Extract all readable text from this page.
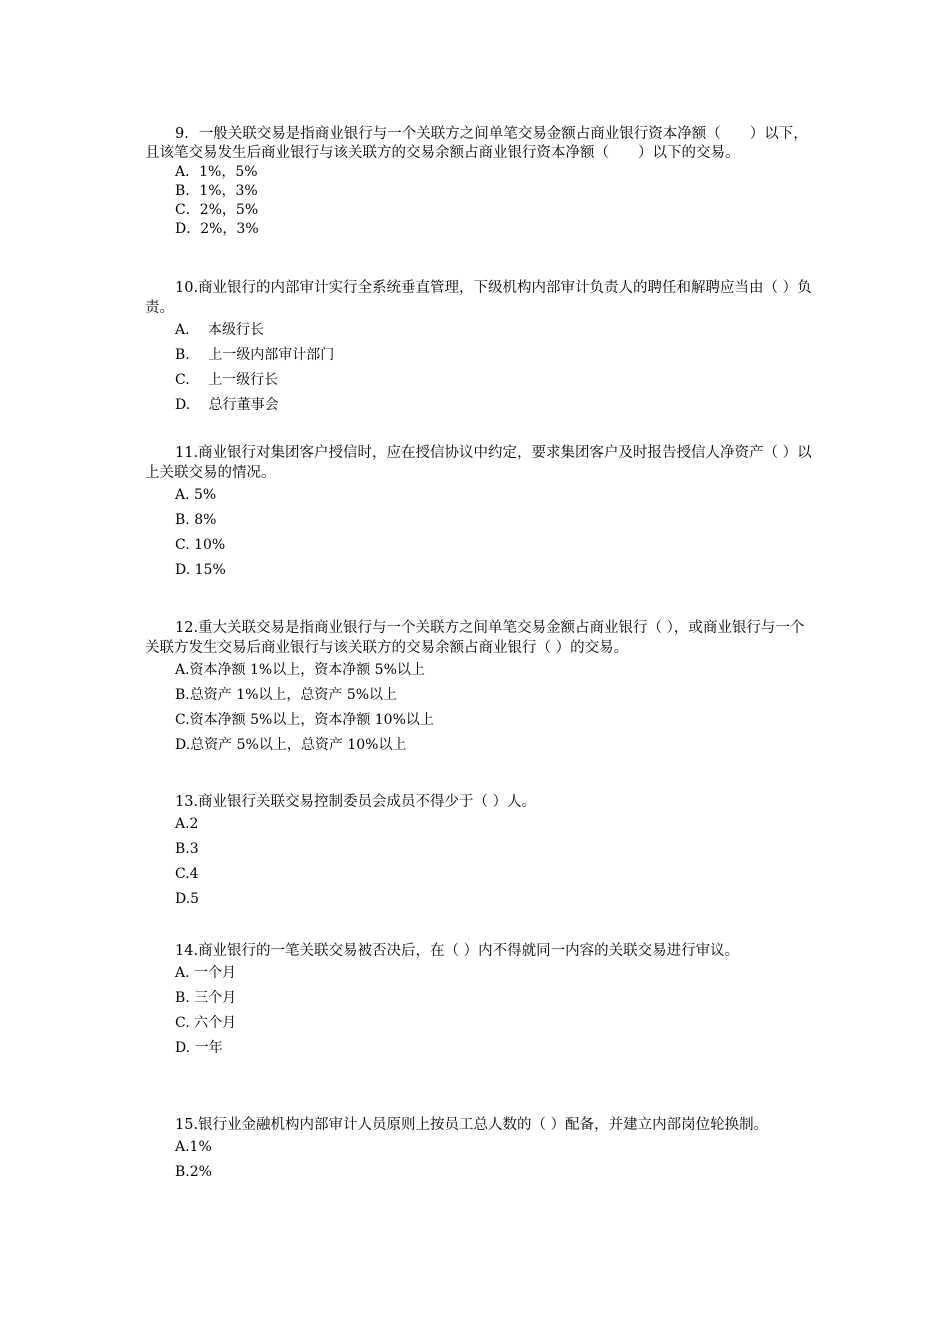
9．一般关联交易是指商业银行与一个关联方之间单笔交易金额占商业银行资本净额（　　）以下，且该笔交易发生后商业银行与该关联方的交易余额占商业银行资本净额（　　）以下的交易。

A．1%，5%
B．1%，3%
C．2%，5%
D．2%，3%

10.商业银行的内部审计实行全系统垂直管理，下级机构内部审计负责人的聘任和解聘应当由（ ）负责。

A.　 本级行长
B.　 上一级内部审计部门
C.　 上一级行长
D.　 总行董事会

11.商业银行对集团客户授信时，应在授信协议中约定，要求集团客户及时报告授信人净资产（ ）以上关联交易的情况。

A. 5%
B. 8%
C. 10%
D. 15%

12.重大关联交易是指商业银行与一个关联方之间单笔交易金额占商业银行（ ），或商业银行与一个关联方发生交易后商业银行与该关联方的交易余额占商业银行（ ）的交易。

A.资本净额 1%以上，资本净额 5%以上
B.总资产 1%以上，总资产 5%以上
C.资本净额 5%以上，资本净额 10%以上
D.总资产 5%以上，总资产 10%以上

13.商业银行关联交易控制委员会成员不得少于（ ）人。

A.2
B.3
C.4
D.5

14.商业银行的一笔关联交易被否决后，在（ ）内不得就同一内容的关联交易进行审议。

A. 一个月
B. 三个月
C. 六个月
D. 一年

15.银行业金融机构内部审计人员原则上按员工总人数的（ ）配备，并建立内部岗位轮换制。

A.1%
B.2%
